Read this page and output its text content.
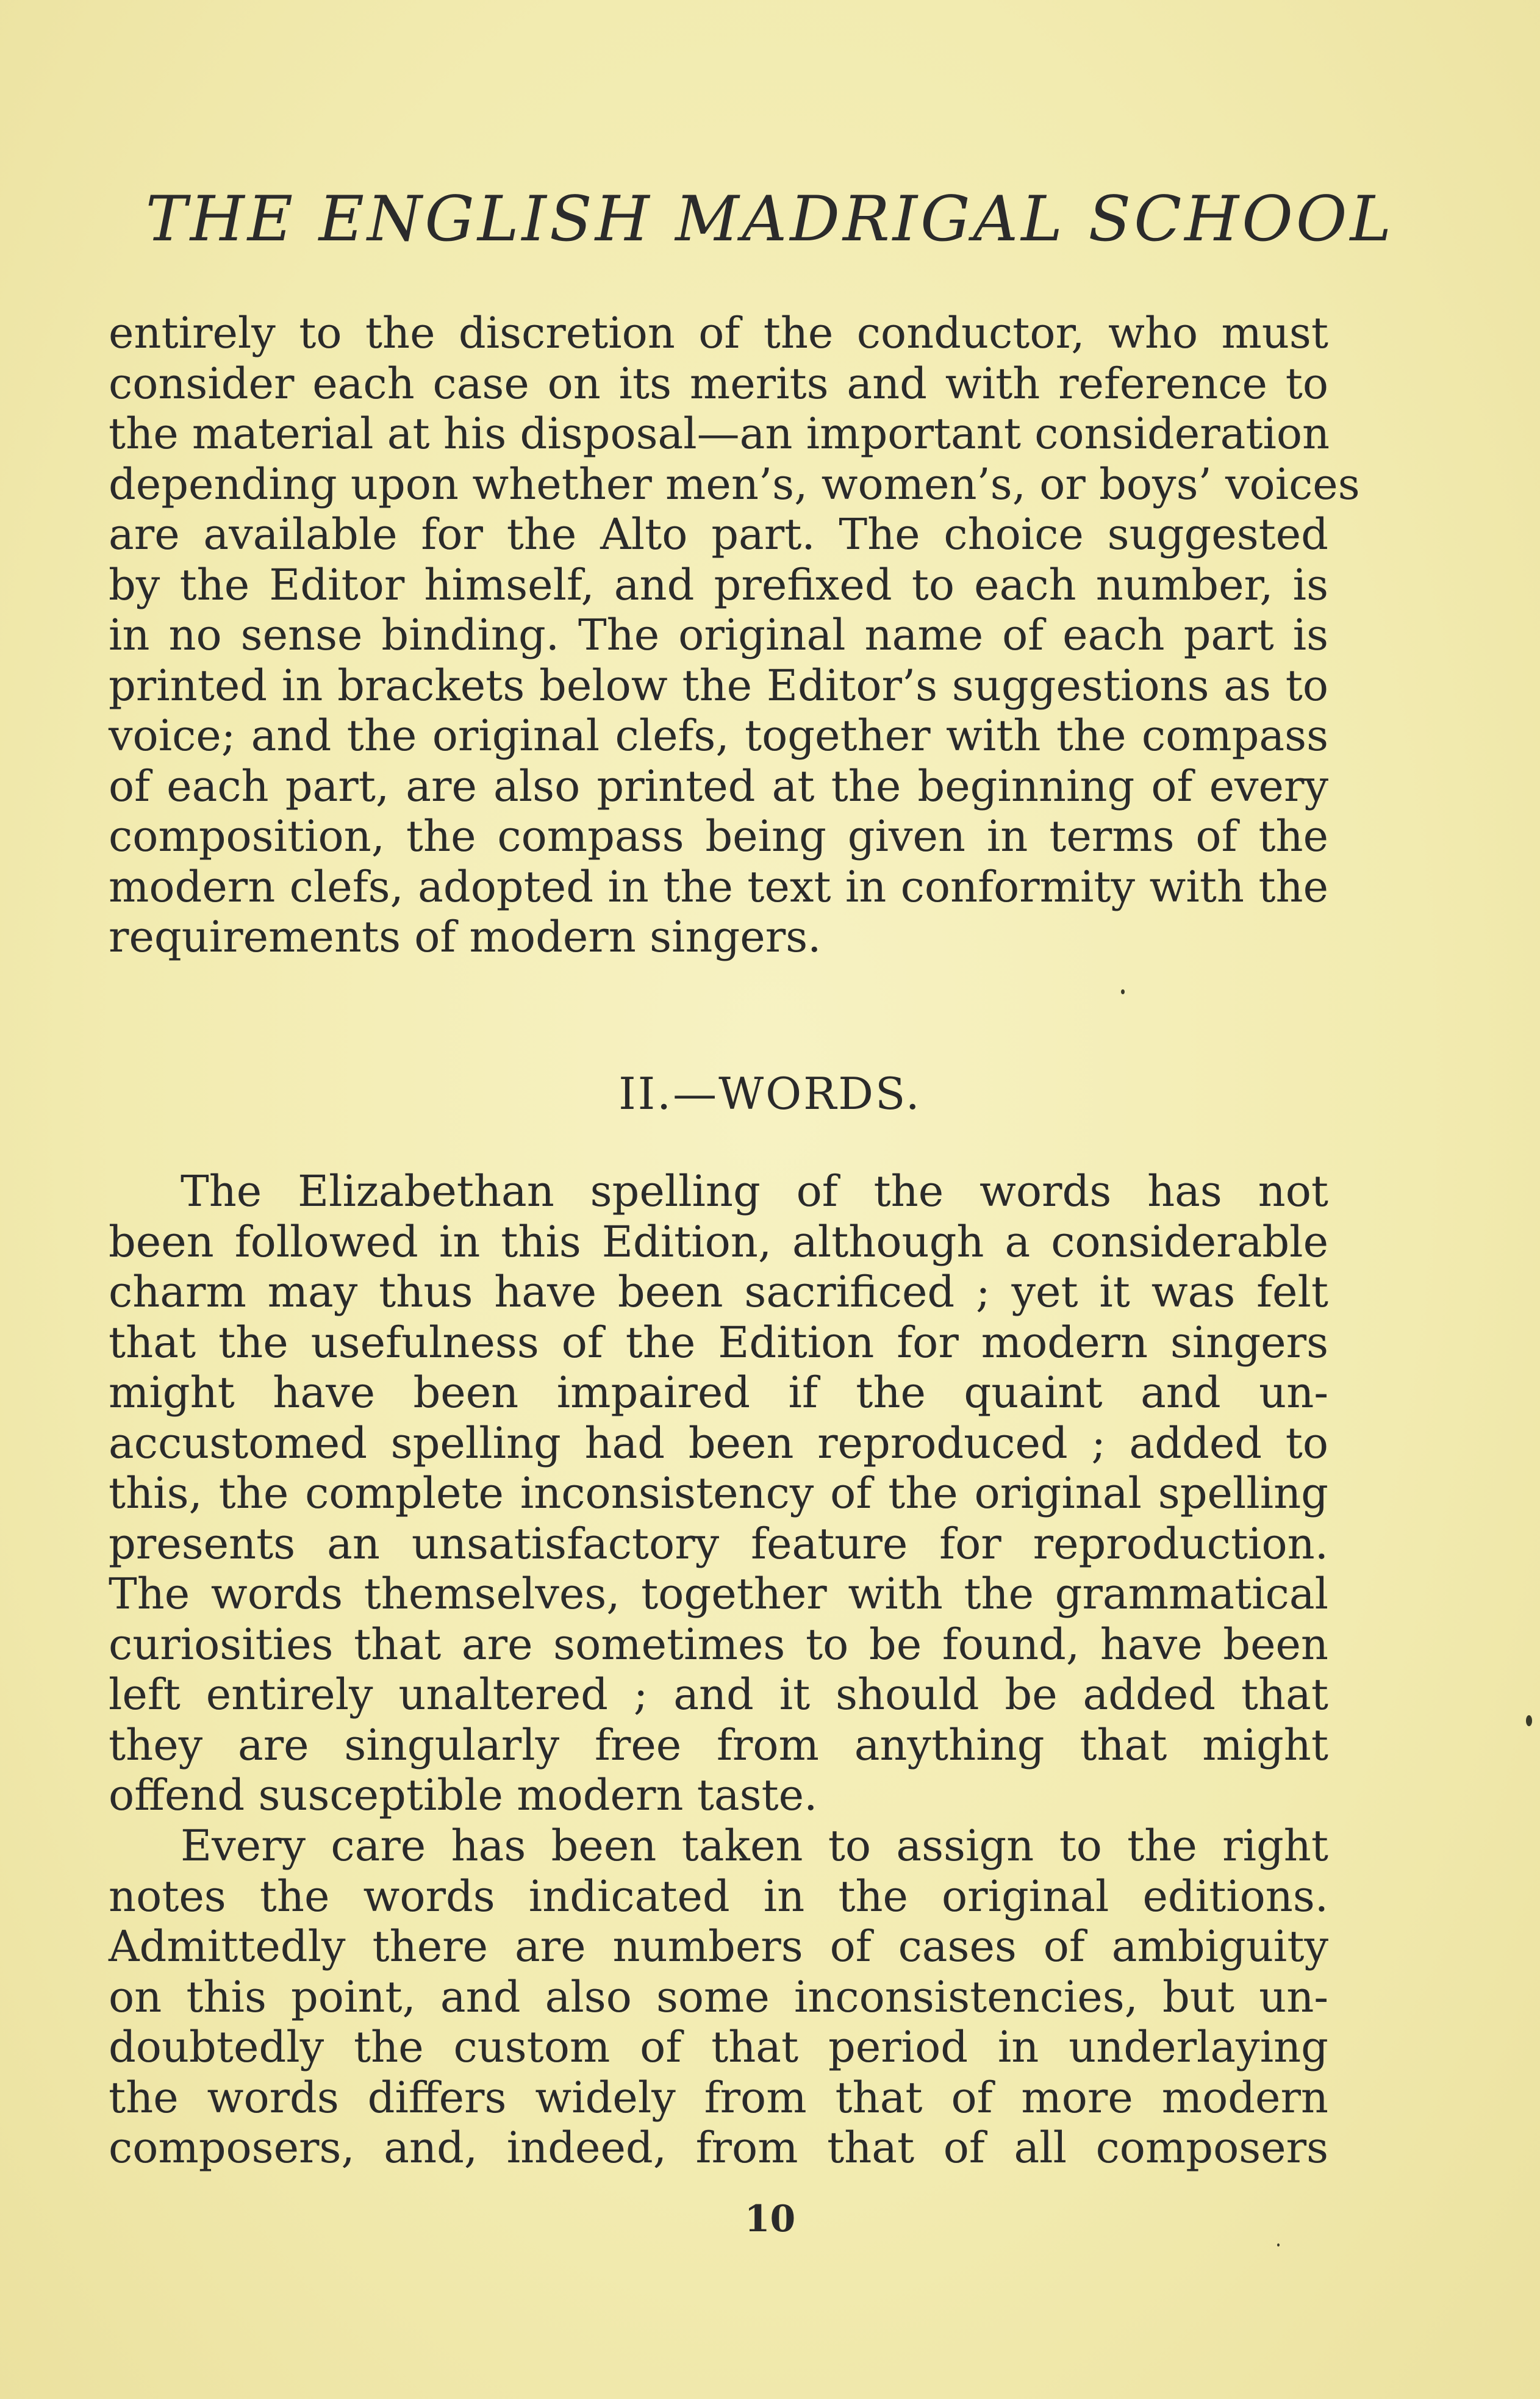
THE ENGLISH MADRIGAL SCHOOL
entirely to the discretion of the conductor, who must
consider each case on its merits and with reference to
the material at his disposal—an important consideration
depending upon whether men’s, women’s, or boys’ voices
are available for the Alto part. The choice suggested
by the Editor himself, and prefixed to each number, is
in no sense binding. The original name of each part is
printed in brackets below the Editor’s suggestions as to
voice; and the original clefs, together with the compass
of each part, are also printed at the beginning of every
composition, the compass being given in terms of the
modern clefs, adopted in the text in conformity with the
requirements of modern singers.
II.—WORDS.
The Elizabethan spelling of the words has not
been followed in this Edition, although a considerable
charm may thus have been sacrificed ; yet it was felt
that the usefulness of the Edition for modern singers
might have been impaired if the quaint and un-
accustomed spelling had been reproduced ; added to
this, the complete inconsistency of the original spelling
presents an unsatisfactory feature for reproduction.
The words themselves, together with the grammatical
curiosities that are sometimes to be found, have been
left entirely unaltered ; and it should be added that
they are singularly free from anything that might
offend susceptible modern taste.
Every care has been taken to assign to the right
notes the words indicated in the original editions.
Admittedly there are numbers of cases of ambiguity
on this point, and also some inconsistencies, but un-
doubtedly the custom of that period in underlaying
the words differs widely from that of more modern
composers, and, indeed, from that of all composers
10
